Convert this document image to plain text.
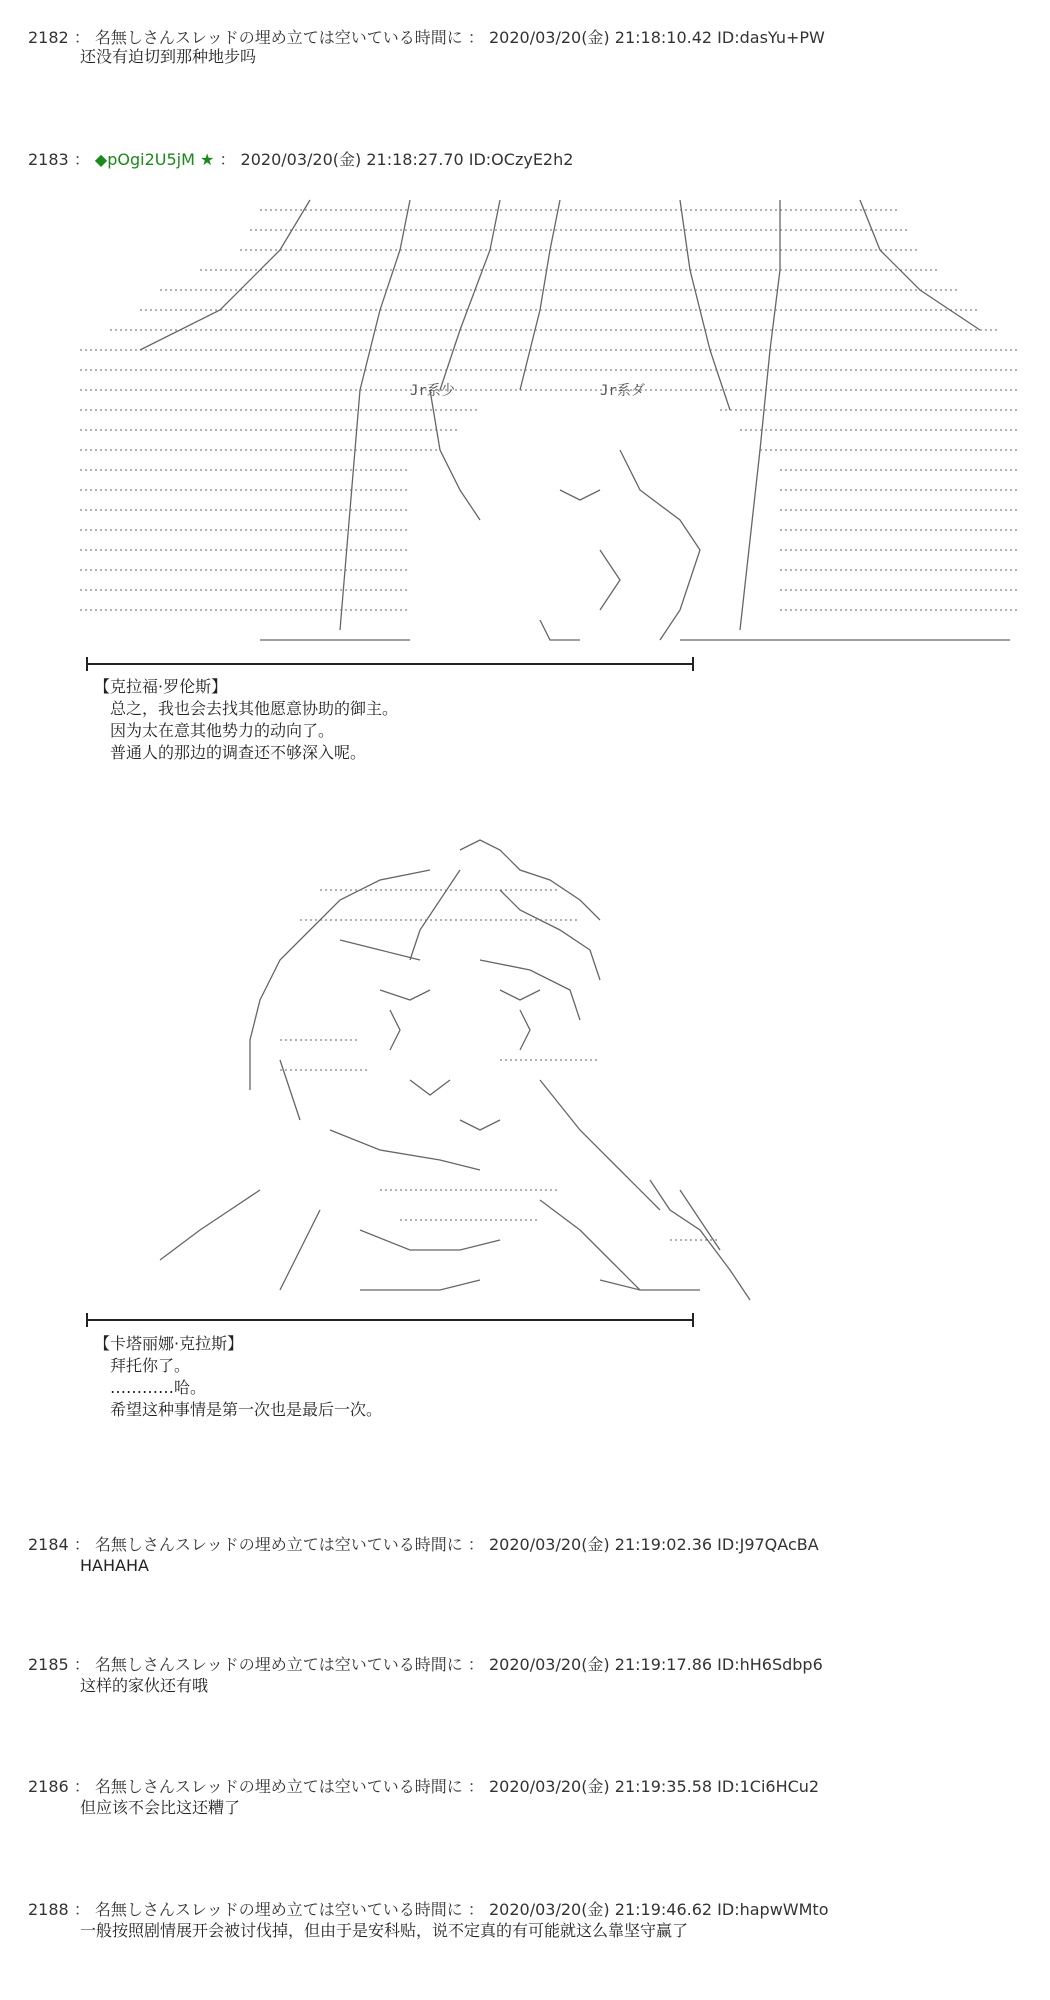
2182 ： 名無しさんスレッドの埋め立ては空いている時間に ： 2020/03/20(金) 21:18:10.42 ID:dasYu+PW
还没有迫切到那种地步吗
2183 ： ◆pOgi2U5jM ★ ： 2020/03/20(金) 21:18:27.70 ID:OCzyE2h2
Jr系少	Jr系ダ
【克拉福·罗伦斯】
总之，我也会去找其他愿意协助的御主。
因为太在意其他势力的动向了。
普通人的那边的调查还不够深入呢。
【卡塔丽娜·克拉斯】
拜托你了。
…………哈。
希望这种事情是第一次也是最后一次。
2184 ： 名無しさんスレッドの埋め立ては空いている時間に ： 2020/03/20(金) 21:19:02.36 ID:J97QAcBA
HAHAHA
2185 ： 名無しさんスレッドの埋め立ては空いている時間に ： 2020/03/20(金) 21:19:17.86 ID:hH6Sdbp6
这样的家伙还有哦
2186 ： 名無しさんスレッドの埋め立ては空いている時間に ： 2020/03/20(金) 21:19:35.58 ID:1Ci6HCu2
但应该不会比这还糟了
2188 ： 名無しさんスレッドの埋め立ては空いている時間に ： 2020/03/20(金) 21:19:46.62 ID:hapwWMto
一般按照剧情展开会被讨伐掉，但由于是安科贴，说不定真的有可能就这么靠坚守赢了
